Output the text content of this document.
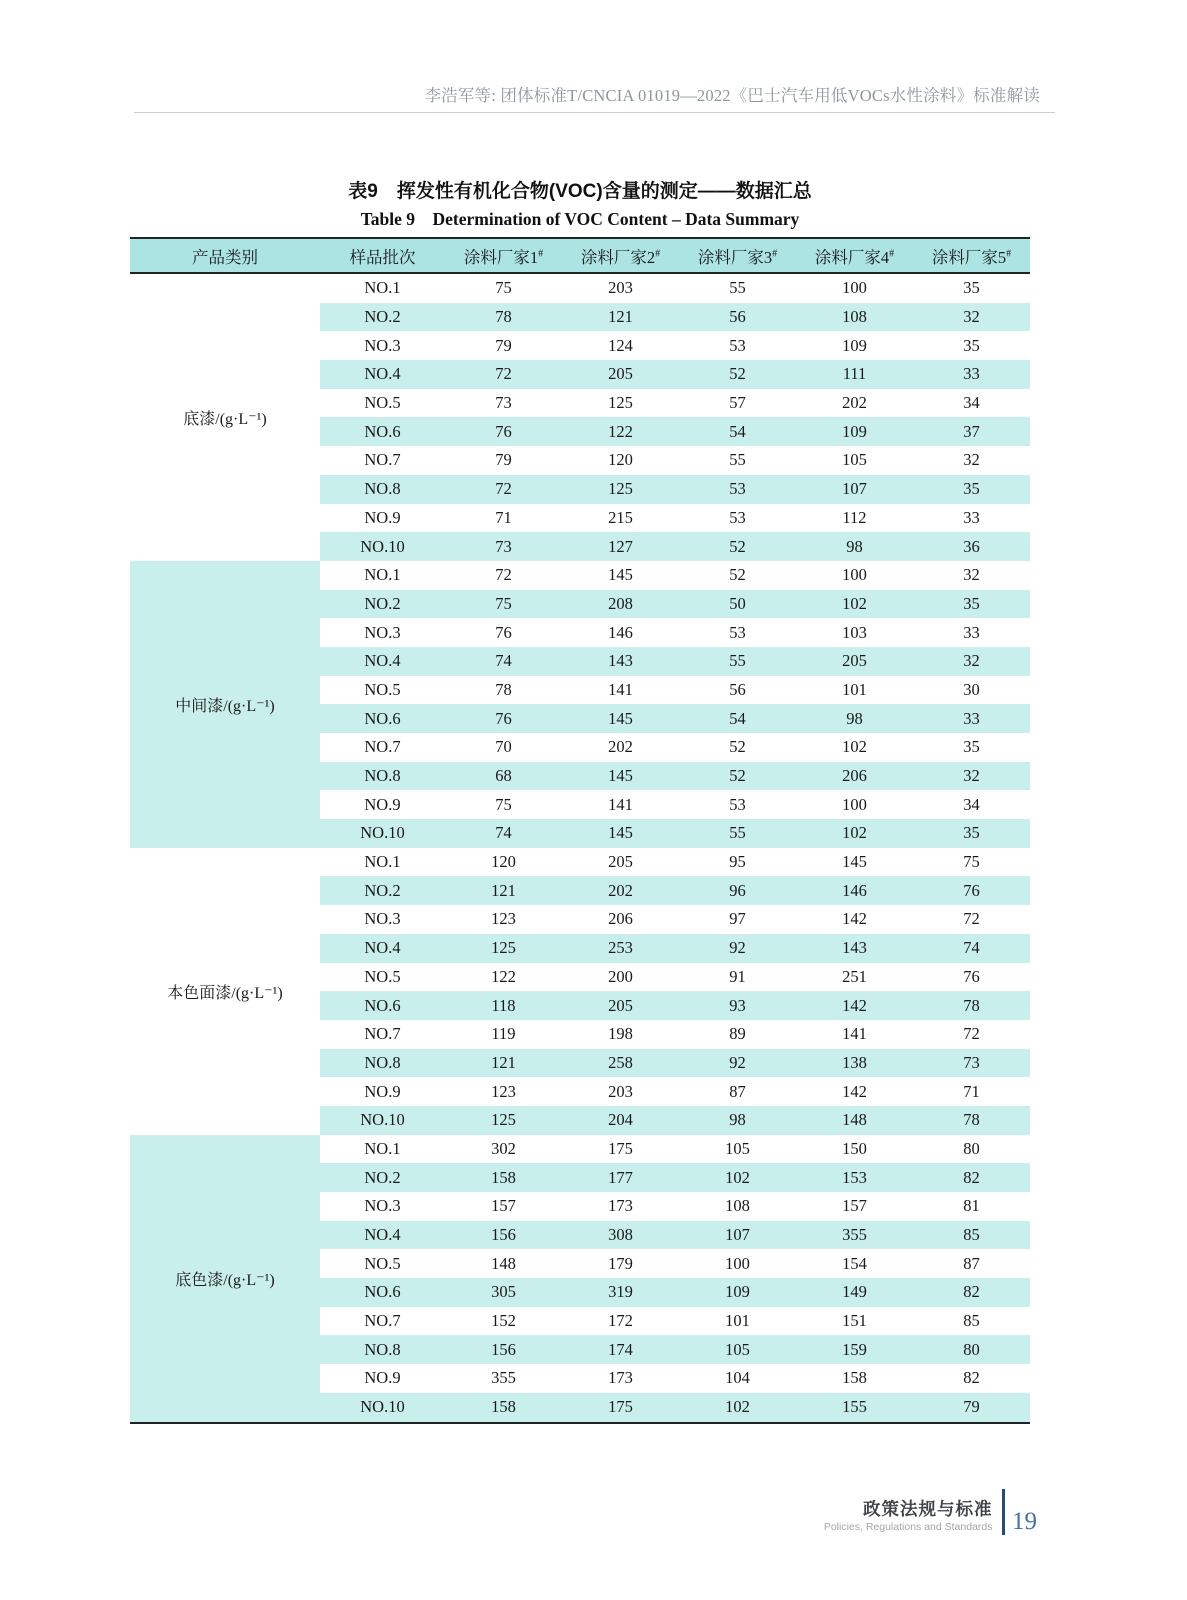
李浩军等: 团体标准T/CNCIA 01019—2022《巴士汽车用低VOCs水性涂料》标准解读
表9 挥发性有机化合物(VOC)含量的测定——数据汇总
Table 9 Determination of VOC Content – Data Summary
产品类别	样品批次	涂料厂家1#	涂料厂家2#	涂料厂家3#	涂料厂家4#	涂料厂家5#
底漆/(g·L⁻¹)	NO.1	75	203	55	100	35
	NO.2	78	121	56	108	32
	NO.3	79	124	53	109	35
	NO.4	72	205	52	111	33
	NO.5	73	125	57	202	34
	NO.6	76	122	54	109	37
	NO.7	79	120	55	105	32
	NO.8	72	125	53	107	35
	NO.9	71	215	53	112	33
	NO.10	73	127	52	98	36
中间漆/(g·L⁻¹)	NO.1	72	145	52	100	32
	NO.2	75	208	50	102	35
	NO.3	76	146	53	103	33
	NO.4	74	143	55	205	32
	NO.5	78	141	56	101	30
	NO.6	76	145	54	98	33
	NO.7	70	202	52	102	35
	NO.8	68	145	52	206	32
	NO.9	75	141	53	100	34
	NO.10	74	145	55	102	35
本色面漆/(g·L⁻¹)	NO.1	120	205	95	145	75
	NO.2	121	202	96	146	76
	NO.3	123	206	97	142	72
	NO.4	125	253	92	143	74
	NO.5	122	200	91	251	76
	NO.6	118	205	93	142	78
	NO.7	119	198	89	141	72
	NO.8	121	258	92	138	73
	NO.9	123	203	87	142	71
	NO.10	125	204	98	148	78
底色漆/(g·L⁻¹)	NO.1	302	175	105	150	80
	NO.2	158	177	102	153	82
	NO.3	157	173	108	157	81
	NO.4	156	308	107	355	85
	NO.5	148	179	100	154	87
	NO.6	305	319	109	149	82
	NO.7	152	172	101	151	85
	NO.8	156	174	105	159	80
	NO.9	355	173	104	158	82
	NO.10	158	175	102	155	79
政策法规与标准
Policies, Regulations and Standards 19
